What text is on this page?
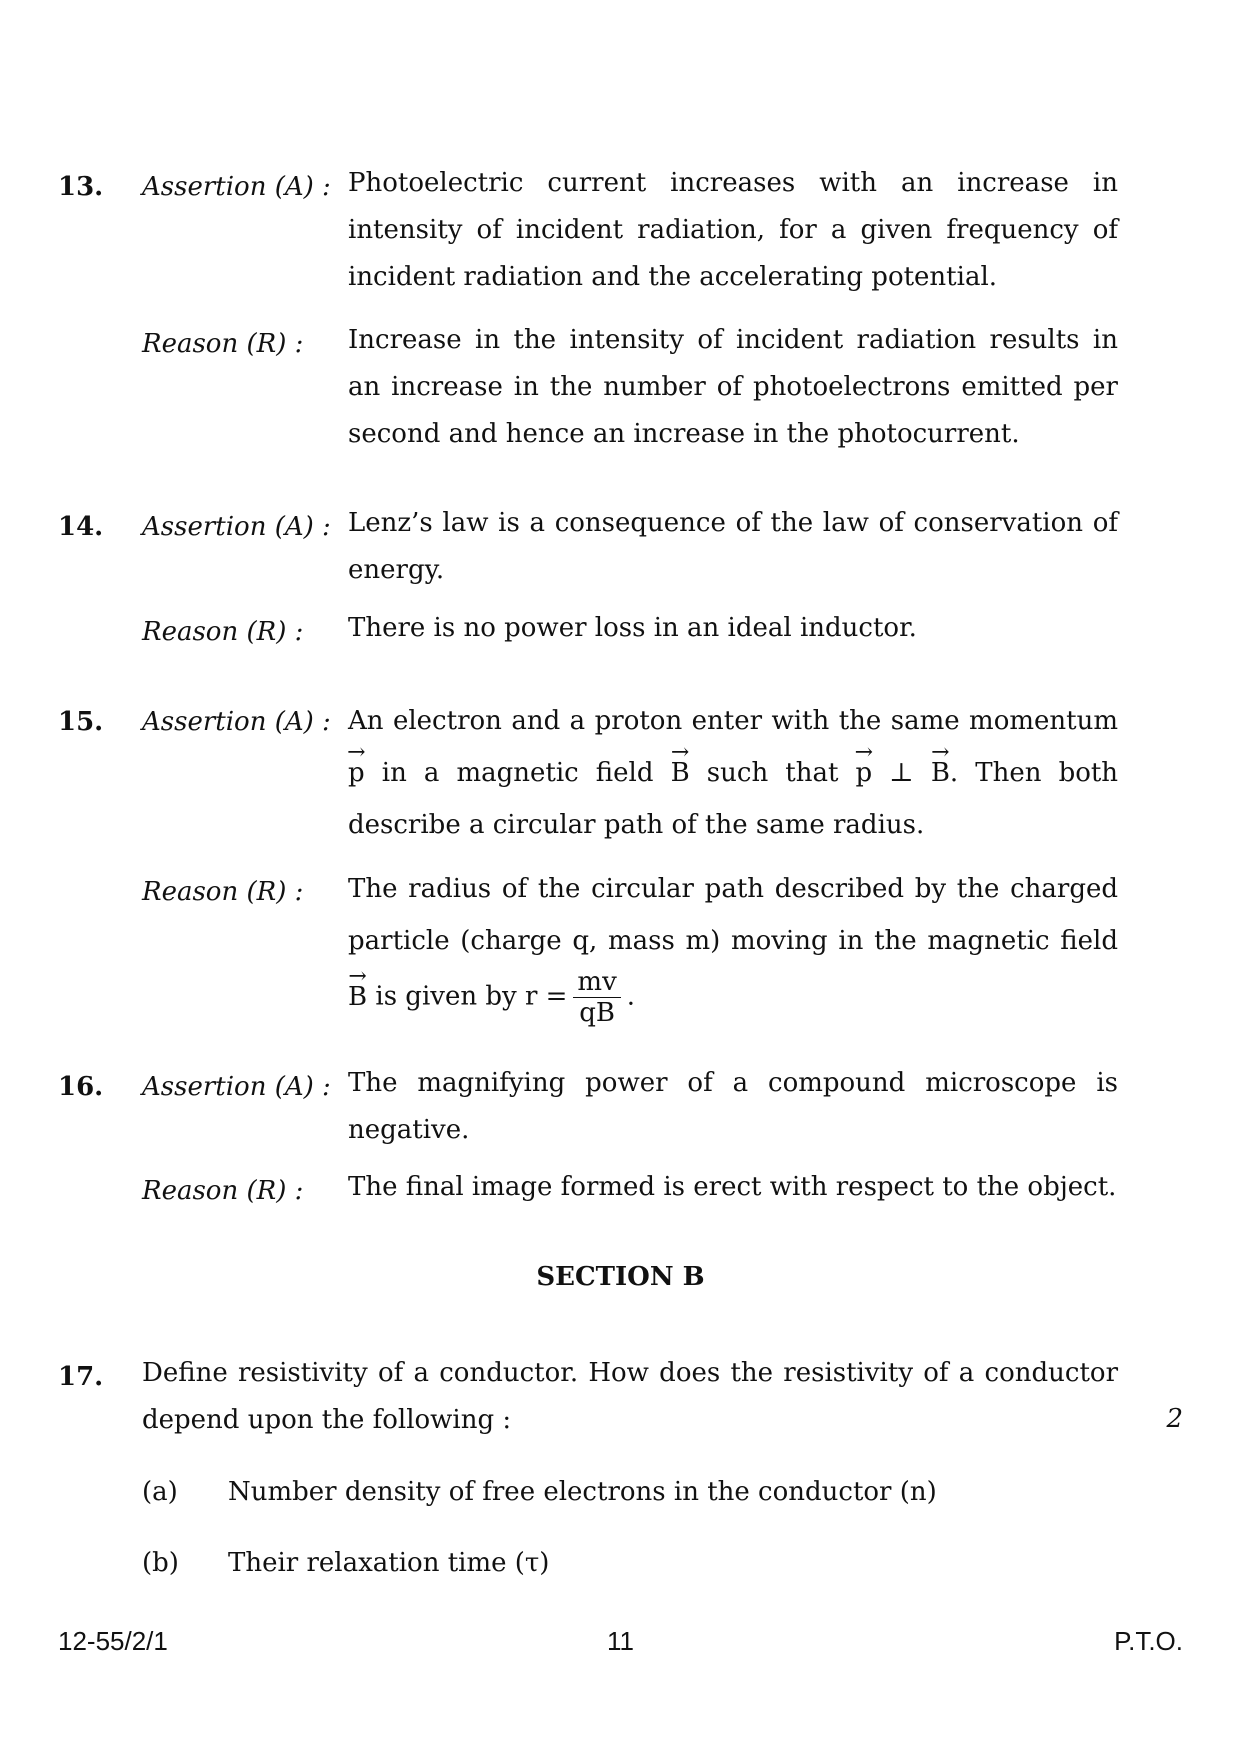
13. Assertion (A) : Photoelectric current increases with an increase in
intensity of incident radiation, for a given frequency of
incident radiation and the accelerating potential.
Reason (R) : Increase in the intensity of incident radiation results in
an increase in the number of photoelectrons emitted per
second and hence an increase in the photocurrent.
14. Assertion (A) : Lenz’s law is a consequence of the law of conservation of
energy.
Reason (R) : There is no power loss in an ideal inductor.
15. Assertion (A) : An electron and a proton enter with the same momentum
→ p in a magnetic field → B such that → p ⊥ → B. Then both
describe a circular path of the same radius.
Reason (R) : The radius of the circular path described by the charged
particle (charge q, mass m) moving in the magnetic field
→ B is given by $r = \frac{mv}{qB}$ .
16. Assertion (A) : The magnifying power of a compound microscope is
negative.
Reason (R) : The final image formed is erect with respect to the object.
SECTION B
17. Define resistivity of a conductor. How does the resistivity of a conductor
depend upon the following :
(a) Number density of free electrons in the conductor (n)
(b) Their relaxation time (τ)
2
12-55/2/1	11	P.T.O.
